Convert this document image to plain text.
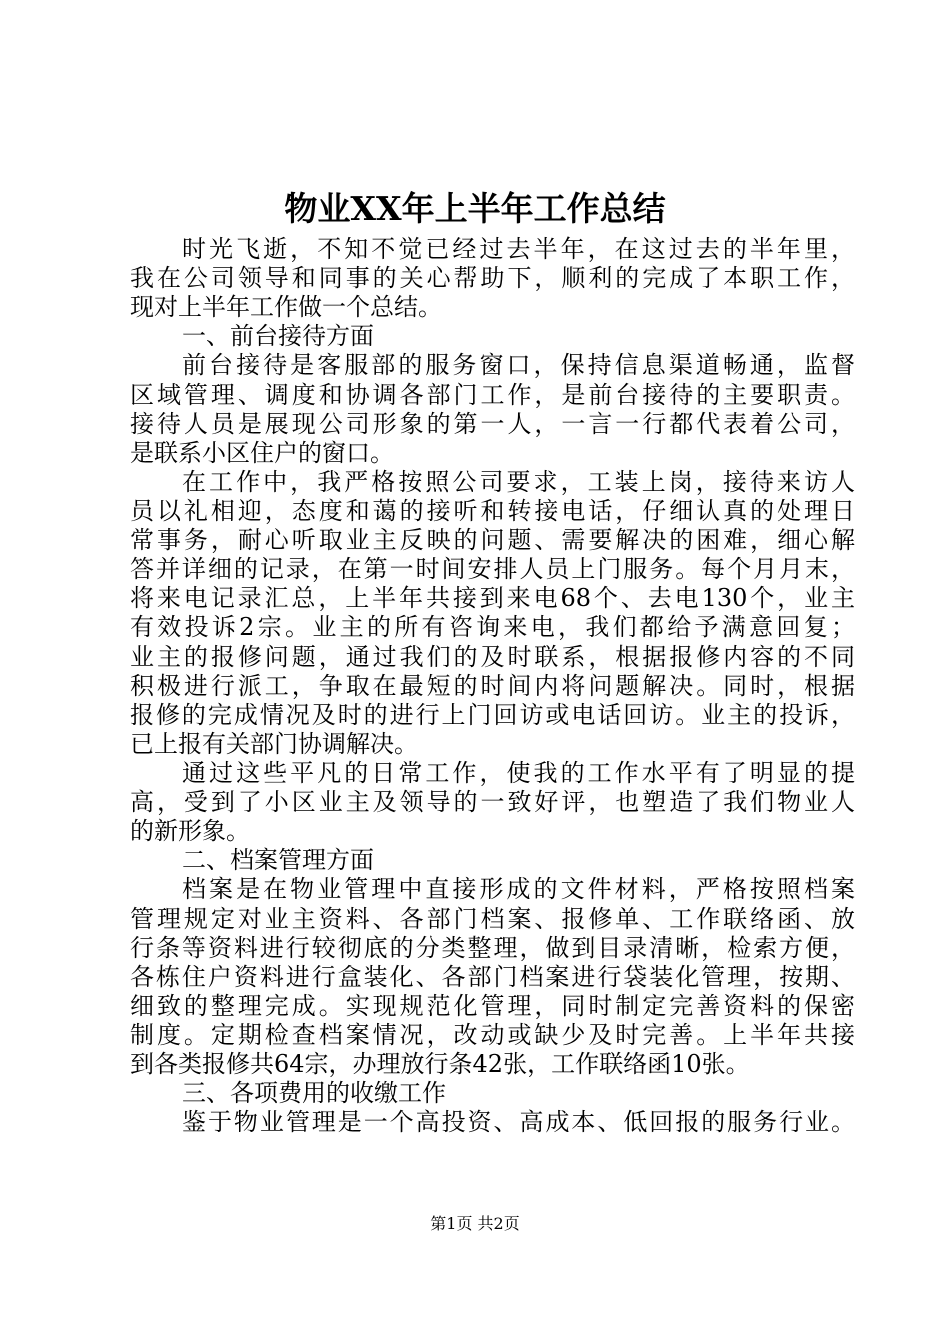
物业XX年上半年工作总结
时光飞逝，不知不觉已经过去半年，在这过去的半年里，
我在公司领导和同事的关心帮助下，顺利的完成了本职工作，
现对上半年工作做一个总结。
一、前台接待方面
前台接待是客服部的服务窗口，保持信息渠道畅通，监督
区域管理、调度和协调各部门工作，是前台接待的主要职责。
接待人员是展现公司形象的第一人，一言一行都代表着公司，
是联系小区住户的窗口。
在工作中，我严格按照公司要求，工装上岗，接待来访人
员以礼相迎，态度和蔼的接听和转接电话，仔细认真的处理日
常事务，耐心听取业主反映的问题、需要解决的困难，细心解
答并详细的记录，在第一时间安排人员上门服务。每个月月末，
将来电记录汇总，上半年共接到来电68个、去电130个，业主
有效投诉2宗。业主的所有咨询来电，我们都给予满意回复；
业主的报修问题，通过我们的及时联系，根据报修内容的不同
积极进行派工，争取在最短的时间内将问题解决。同时，根据
报修的完成情况及时的进行上门回访或电话回访。业主的投诉，
已上报有关部门协调解决。
通过这些平凡的日常工作，使我的工作水平有了明显的提
高，受到了小区业主及领导的一致好评，也塑造了我们物业人
的新形象。
二、档案管理方面
档案是在物业管理中直接形成的文件材料，严格按照档案
管理规定对业主资料、各部门档案、报修单、工作联络函、放
行条等资料进行较彻底的分类整理，做到目录清晰，检索方便，
各栋住户资料进行盒装化、各部门档案进行袋装化管理，按期、
细致的整理完成。实现规范化管理，同时制定完善资料的保密
制度。定期检查档案情况，改动或缺少及时完善。上半年共接
到各类报修共64宗，办理放行条42张，工作联络函10张。
三、各项费用的收缴工作
鉴于物业管理是一个高投资、高成本、低回报的服务行业。
第1页 共2页
